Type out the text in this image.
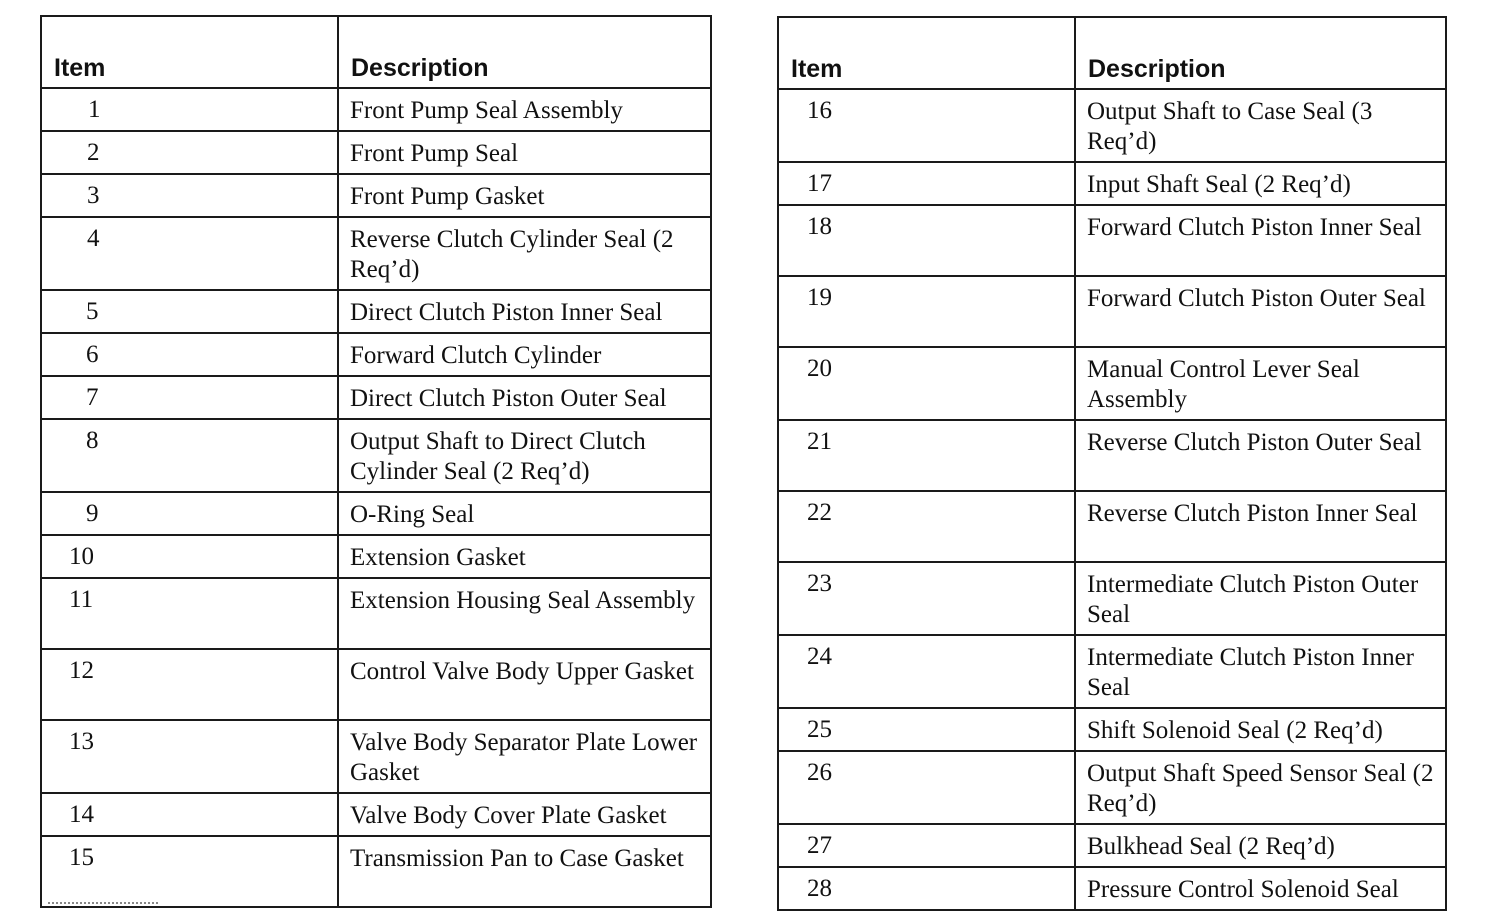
Item	Description

1	Front Pump Seal Assembly

2	Front Pump Seal

3	Front Pump Gasket

4	Reverse Clutch Cylinder Seal (2 Req’d)

5	Direct Clutch Piston Inner Seal

6	Forward Clutch Cylinder

7	Direct Clutch Piston Outer Seal

8	Output Shaft to Direct Clutch Cylinder Seal (2 Req’d)

9	O-Ring Seal

10	Extension Gasket

11	Extension Housing Seal Assembly

12	Control Valve Body Upper Gasket

13	Valve Body Separator Plate Lower Gasket

14	Valve Body Cover Plate Gasket

15	Transmission Pan to Case Gasket
Item	Description

16	Output Shaft to Case Seal (3 Req’d)

17	Input Shaft Seal (2 Req’d)

18	Forward Clutch Piston Inner Seal

19	Forward Clutch Piston Outer Seal

20	Manual Control Lever Seal Assembly

21	Reverse Clutch Piston Outer Seal

22	Reverse Clutch Piston Inner Seal

23	Intermediate Clutch Piston Outer Seal

24	Intermediate Clutch Piston Inner Seal

25	Shift Solenoid Seal (2 Req’d)

26	Output Shaft Speed Sensor Seal (2 Req’d)

27	Bulkhead Seal (2 Req’d)

28	Pressure Control Solenoid Seal
